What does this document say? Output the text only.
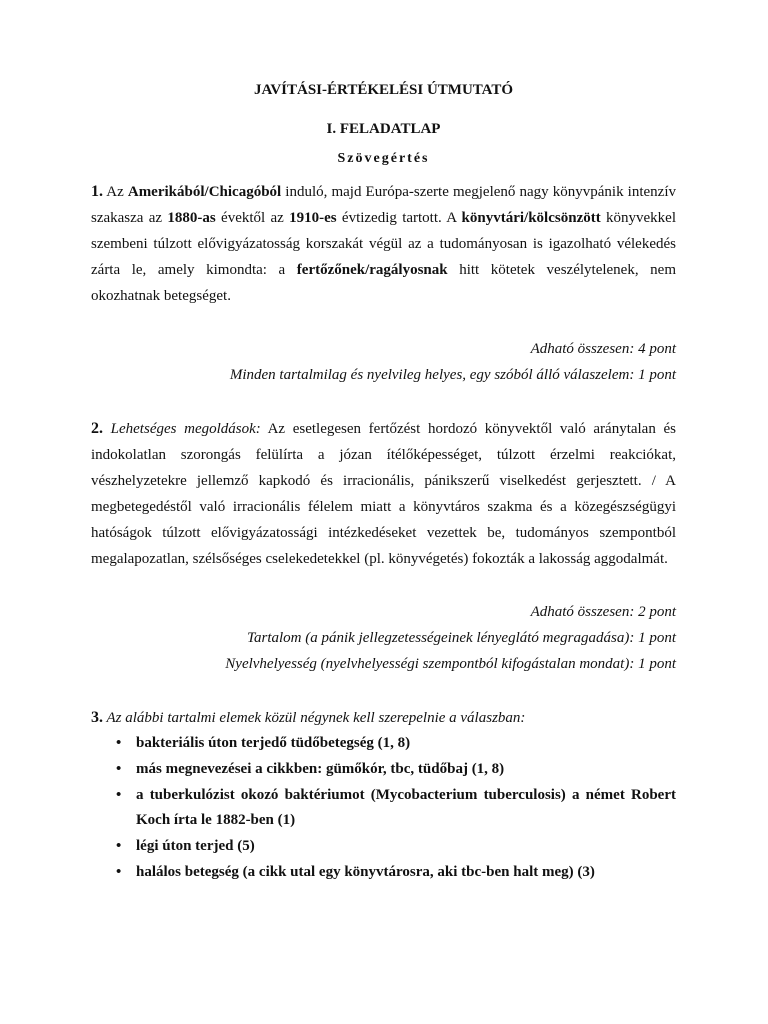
JAVÍTÁSI-ÉRTÉKELÉSI ÚTMUTATÓ
I. FELADATLAP
Szövegértés

1. Az Amerikából/Chicagóból induló, majd Európa-szerte megjelenő nagy könyvpánik intenzív szakasza az 1880-as évektől az 1910-es évtizedig tartott. A könyvtári/kölcsönzött könyvekkel szembeni túlzott elővigyázatosság korszakát végül az a tudományosan is igazolható vélekedés zárta le, amely kimondta: a fertőzőnek/ragályosnak hitt kötetek veszélytelenek, nem okozhatnak betegséget.

Adható összesen: 4 pont
Minden tartalmilag és nyelvileg helyes, egy szóból álló válaszelem: 1 pont

2. Lehetséges megoldások: Az esetlegesen fertőzést hordozó könyvektől való aránytalan és indokolatlan szorongás felülírta a józan ítélőképességet, túlzott érzelmi reakciókat, vészhelyzetekre jellemző kapkodó és irracionális, pánikszerű viselkedést gerjesztett. / A megbetegedéstől való irracionális félelem miatt a könyvtáros szakma és a közegészségügyi hatóságok túlzott elővigyázatossági intézkedéseket vezettek be, tudományos szempontból megalapozatlan, szélsőséges cselekedetekkel (pl. könyvégetés) fokozták a lakosság aggodalmát.

Adható összesen: 2 pont
Tartalom (a pánik jellegzetességeinek lényeglátó megragadása): 1 pont
Nyelvhelyesség (nyelvhelyességi szempontból kifogástalan mondat): 1 pont

3. Az alábbi tartalmi elemek közül négynek kell szerepelnie a válaszban:

• bakteriális úton terjedő tüdőbetegség (1, 8)
• más megnevezései a cikkben: gümőkór, tbc, tüdőbaj (1, 8)
• a tuberkulózist okozó baktériumot (Mycobacterium tuberculosis) a német Robert Koch írta le 1882-ben (1)
• légi úton terjed (5)
• halálos betegség (a cikk utal egy könyvtárosra, aki tbc-ben halt meg) (3)
